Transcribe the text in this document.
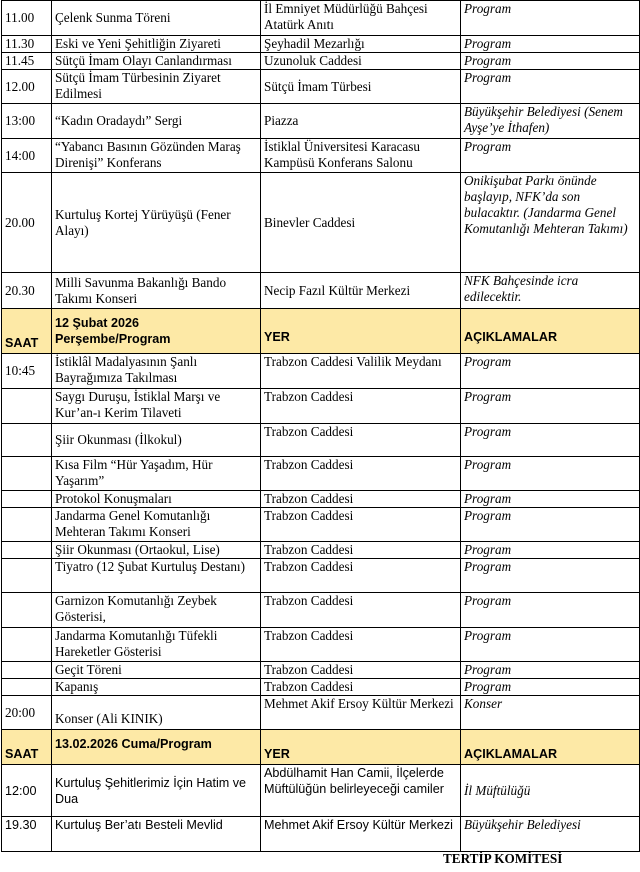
11.00	Çelenk Sunma Töreni	İl Emniyet Müdürlüğü Bahçesi Atatürk Anıtı	Program
11.30	Eski ve Yeni Şehitliğin Ziyareti	Şeyhadil Mezarlığı	Program
11.45	Sütçü İmam Olayı Canlandırması	Uzunoluk Caddesi	Program
12.00	Sütçü İmam Türbesinin Ziyaret Edilmesi	Sütçü İmam Türbesi	Program
13:00	“Kadın Oradaydı” Sergi	Piazza	Büyükşehir Belediyesi (Senem Ayşe’ye İthafen)
14:00	“Yabancı Basının Gözünden Maraş Direnişi” Konferans	İstiklal Üniversitesi Karacasu Kampüsü Konferans Salonu	Program
20.00	Kurtuluş Kortej Yürüyüşü (Fener Alayı)	Binevler Caddesi	Onikişubat Parkı önünde başlayıp, NFK’da son bulacaktır. (Jandarma Genel Komutanlığı Mehteran Takımı)
20.30	Milli Savunma Bakanlığı Bando Takımı Konseri	Necip Fazıl Kültür Merkezi	NFK Bahçesinde icra edilecektir.
SAAT	12 Şubat 2026 Perşembe/Program	YER	AÇIKLAMALAR
10:45	İstiklâl Madalyasının Şanlı Bayrağımıza Takılması	Trabzon Caddesi Valilik Meydanı	Program
	Saygı Duruşu, İstiklal Marşı ve Kur’an-ı Kerim Tilaveti	Trabzon Caddesi	Program
	Şiir Okunması (İlkokul)	Trabzon Caddesi	Program
	Kısa Film “Hür Yaşadım, Hür Yaşarım”	Trabzon Caddesi	Program
	Protokol Konuşmaları	Trabzon Caddesi	Program
	Jandarma Genel Komutanlığı Mehteran Takımı Konseri	Trabzon Caddesi	Program
	Şiir Okunması (Ortaokul, Lise)	Trabzon Caddesi	Program
	Tiyatro (12 Şubat Kurtuluş Destanı)	Trabzon Caddesi	Program
	Garnizon Komutanlığı Zeybek Gösterisi,	Trabzon Caddesi	Program
	Jandarma Komutanlığı Tüfekli Hareketler Gösterisi	Trabzon Caddesi	Program
	Geçit Töreni	Trabzon Caddesi	Program
	Kapanış	Trabzon Caddesi	Program
20:00	Konser (Ali KINIK)	Mehmet Akif Ersoy Kültür Merkezi	Konser
SAAT	13.02.2026 Cuma/Program	YER	AÇIKLAMALAR
12:00	Kurtuluş Şehitlerimiz İçin Hatim ve Dua	Abdülhamit Han Camii, İlçelerde Müftülüğün belirleyeceği camiler	İl Müftülüğü
19.30	Kurtuluş Ber’atı Besteli Mevlid	Mehmet Akif Ersoy Kültür Merkezi	Büyükşehir Belediyesi
TERTİP KOMİTESİ
